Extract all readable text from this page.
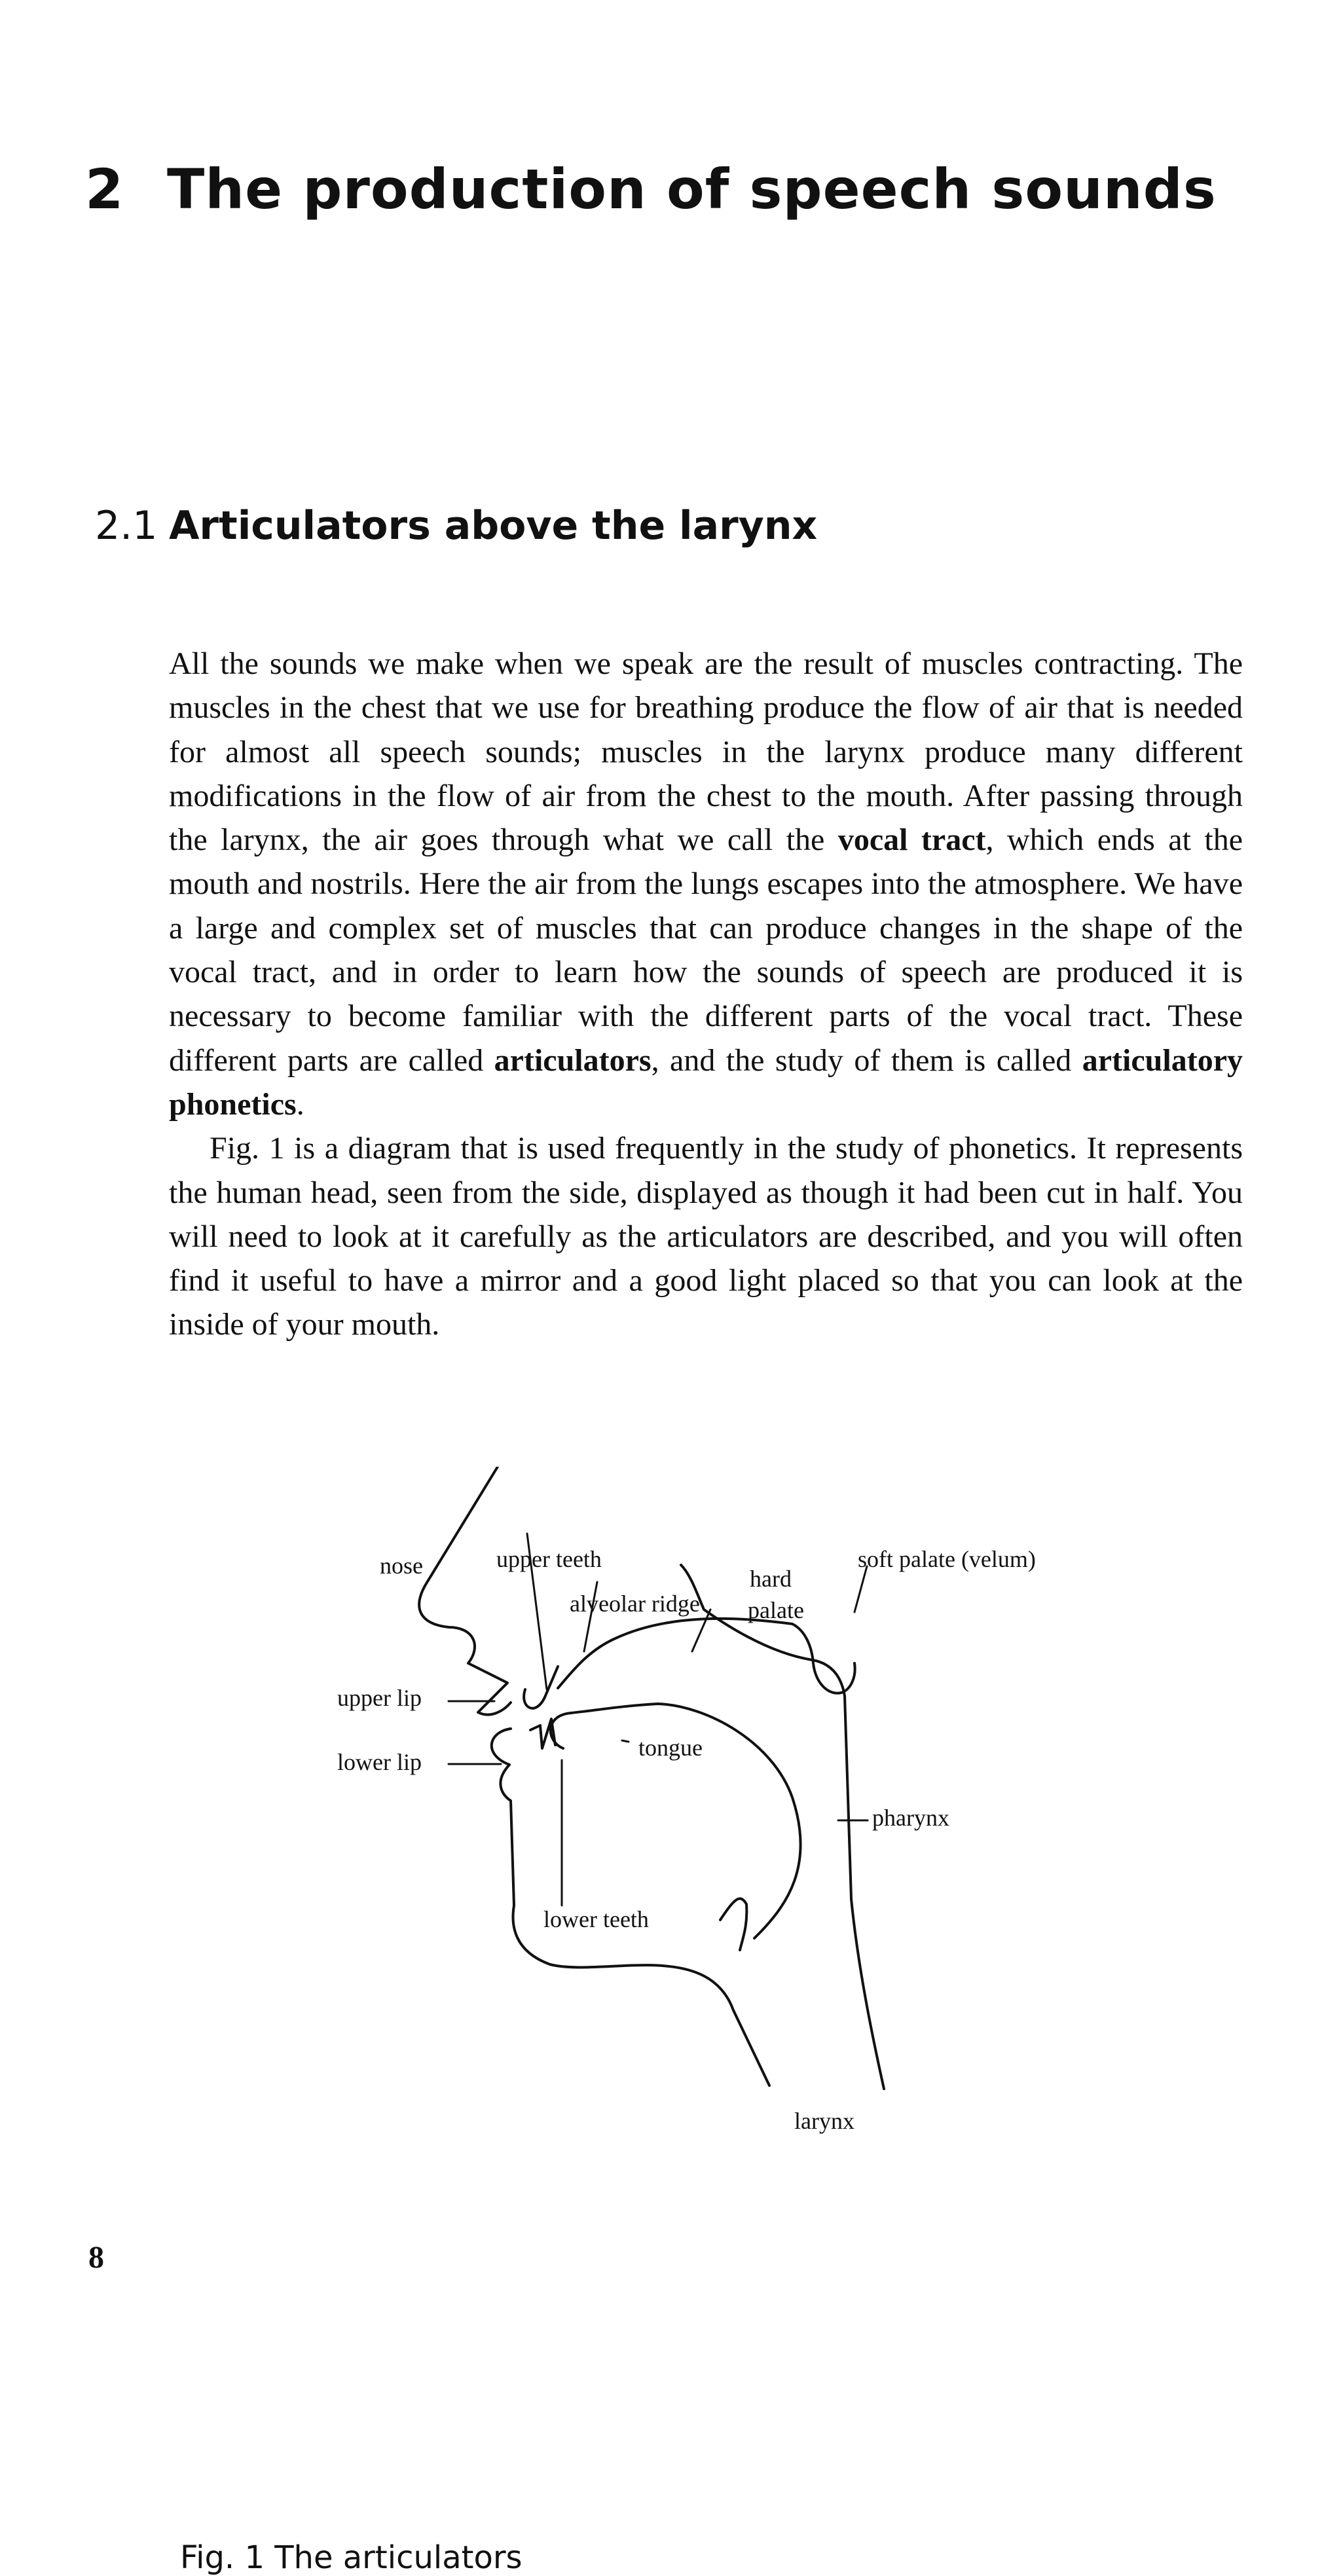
2 The production of speech sounds
2.1 Articulators above the larynx

All the sounds we make when we speak are the result of muscles contracting. The muscles in the chest that we use for breathing produce the flow of air that is needed for almost all speech sounds; muscles in the larynx produce many different modifications in the flow of air from the chest to the mouth. After passing through the larynx, the air goes through what we call the vocal tract, which ends at the mouth and nostrils. Here the air from the lungs escapes into the atmosphere. We have a large and complex set of muscles that can produce changes in the shape of the vocal tract, and in order to learn how the sounds of speech are produced it is necessary to become familiar with the different parts of the vocal tract. These different parts are called articulators, and the study of them is called articulatory phonetics.

Fig. 1 is a diagram that is used frequently in the study of phonetics. It represents the human head, seen from the side, displayed as though it had been cut in half. You will need to look at it carefully as the articulators are described, and you will often find it useful to have a mirror and a good light placed so that you can look at the inside of your mouth.

nose	upper teeth
alveolar ridge
hard
palate
soft palate (velum)
upper lip
lower lip
tongue
pharynx
lower teeth
larynx
Fig. 1 The articulators
8
